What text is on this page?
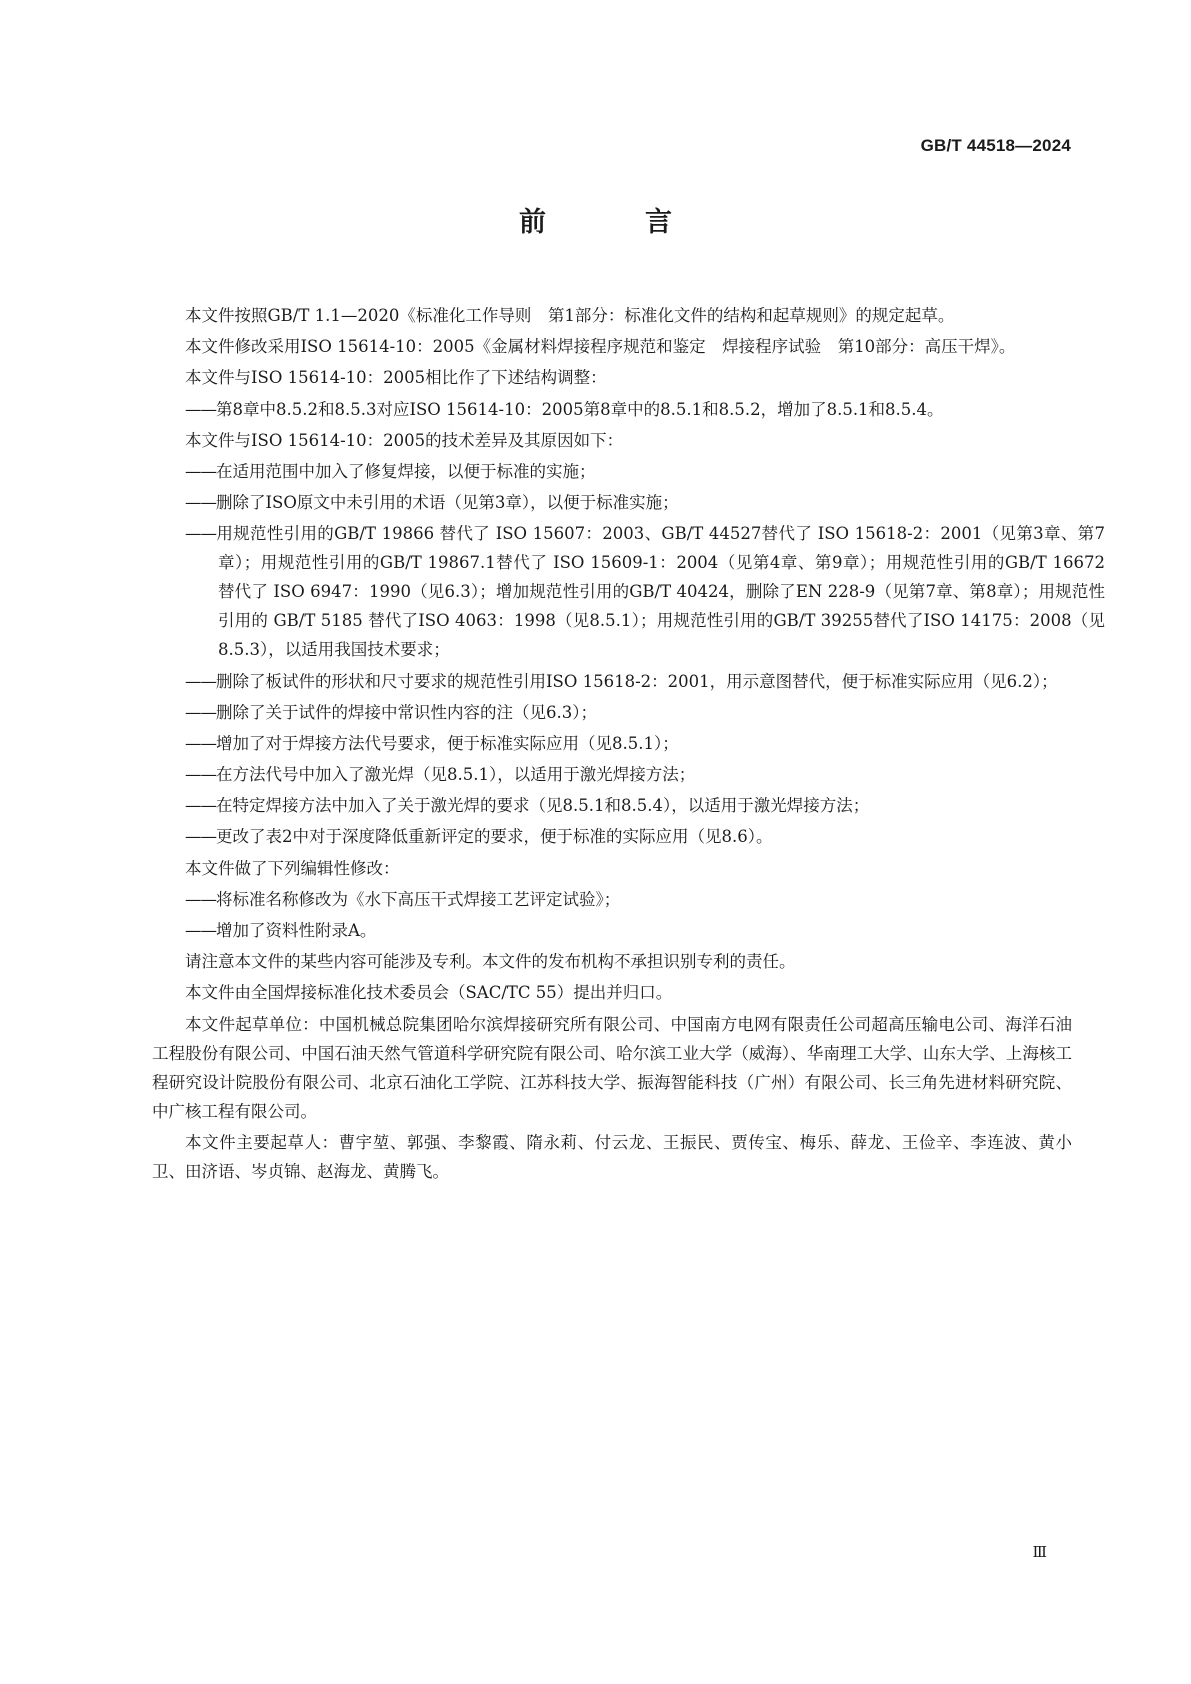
GB/T 44518—2024
前　言
本文件按照GB/T 1.1—2020《标准化工作导则　第1部分：标准化文件的结构和起草规则》的规定起草。
本文件修改采用ISO 15614-10：2005《金属材料焊接程序规范和鉴定　焊接程序试验　第10部分：高压干焊》。
本文件与ISO 15614-10：2005相比作了下述结构调整：
——第8章中8.5.2和8.5.3对应ISO 15614-10：2005第8章中的8.5.1和8.5.2，增加了8.5.1和8.5.4。
本文件与ISO 15614-10：2005的技术差异及其原因如下：
——在适用范围中加入了修复焊接，以便于标准的实施；
——删除了ISO原文中未引用的术语（见第3章），以便于标准实施；
——用规范性引用的GB/T 19866 替代了 ISO 15607：2003、GB/T 44527替代了 ISO 15618-2：2001（见第3章、第7章）；用规范性引用的GB/T 19867.1替代了 ISO 15609-1：2004（见第4章、第9章）；用规范性引用的GB/T 16672 替代了 ISO 6947：1990（见6.3）；增加规范性引用的GB/T 40424，删除了EN 228-9（见第7章、第8章）；用规范性引用的 GB/T 5185 替代了ISO 4063：1998（见8.5.1）；用规范性引用的GB/T 39255替代了ISO 14175：2008（见8.5.3），以适用我国技术要求；
——删除了板试件的形状和尺寸要求的规范性引用ISO 15618-2：2001，用示意图替代，便于标准实际应用（见6.2）；
——删除了关于试件的焊接中常识性内容的注（见6.3）；
——增加了对于焊接方法代号要求，便于标准实际应用（见8.5.1）；
——在方法代号中加入了激光焊（见8.5.1），以适用于激光焊接方法；
——在特定焊接方法中加入了关于激光焊的要求（见8.5.1和8.5.4），以适用于激光焊接方法；
——更改了表2中对于深度降低重新评定的要求，便于标准的实际应用（见8.6）。
本文件做了下列编辑性修改：
——将标准名称修改为《水下高压干式焊接工艺评定试验》；
——增加了资料性附录A。
请注意本文件的某些内容可能涉及专利。本文件的发布机构不承担识别专利的责任。
本文件由全国焊接标准化技术委员会（SAC/TC 55）提出并归口。
本文件起草单位：中国机械总院集团哈尔滨焊接研究所有限公司、中国南方电网有限责任公司超高压输电公司、海洋石油工程股份有限公司、中国石油天然气管道科学研究院有限公司、哈尔滨工业大学（威海）、华南理工大学、山东大学、上海核工程研究设计院股份有限公司、北京石油化工学院、江苏科技大学、振海智能科技（广州）有限公司、长三角先进材料研究院、中广核工程有限公司。
本文件主要起草人：曹宇堃、郭强、李黎霞、隋永莉、付云龙、王振民、贾传宝、梅乐、薛龙、王俭辛、李连波、黄小卫、田济语、岑贞锦、赵海龙、黄腾飞。
Ⅲ
